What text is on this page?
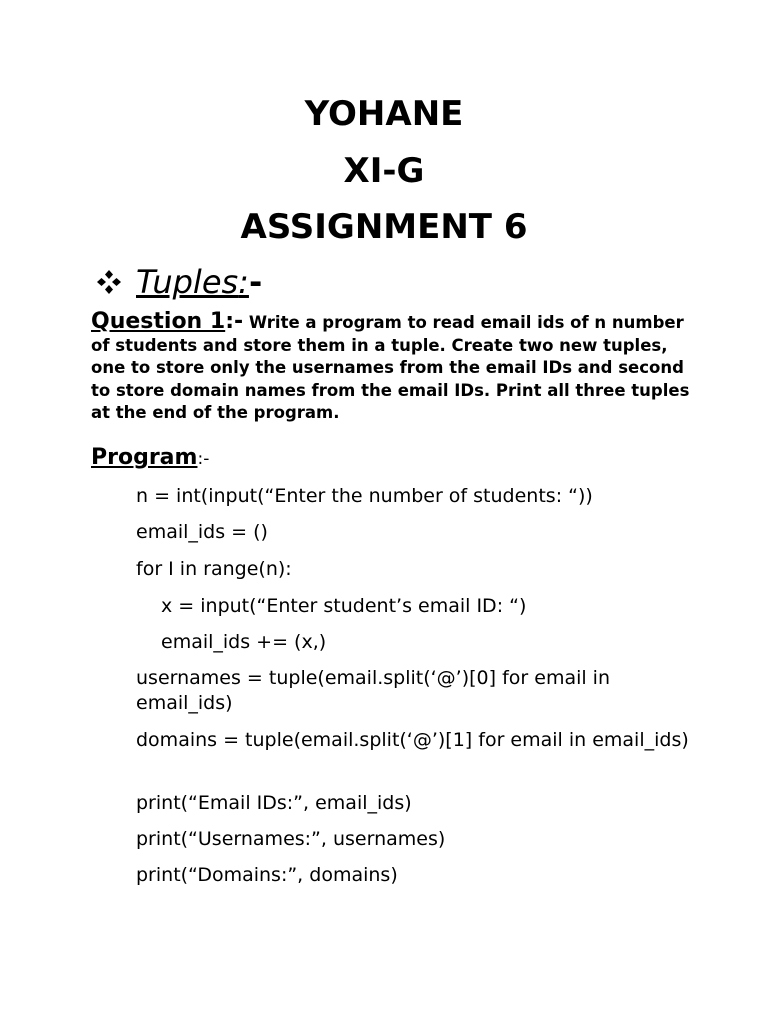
YOHANE
XI-G
ASSIGNMENT 6
Tuples:-
Question 1:- Write a program to read email ids of n number of students and store them in a tuple. Create two new tuples, one to store only the usernames from the email IDs and second to store domain names from the email IDs. Print all three tuples at the end of the program.
Program:-
n = int(input(“Enter the number of students: “))
email_ids = ()
for I in range(n):
x = input(“Enter student’s email ID: “)
email_ids += (x,)
usernames = tuple(email.split(‘@’)[0] for email in email_ids)
domains = tuple(email.split(‘@’)[1] for email in email_ids)
print(“Email IDs:”, email_ids)
print(“Usernames:”, usernames)
print(“Domains:”, domains)
